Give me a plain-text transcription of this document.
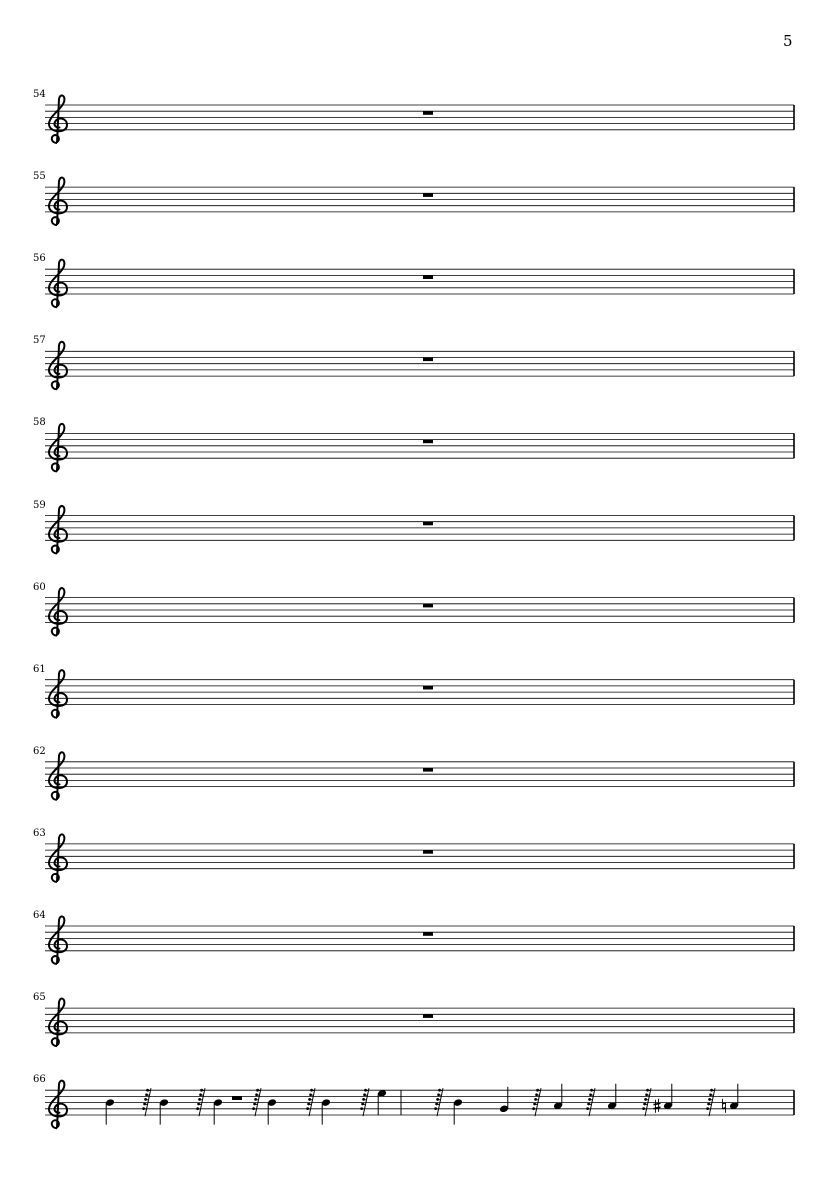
5
54
55
56
57
58
59
60
61
62
63
64
65
66
